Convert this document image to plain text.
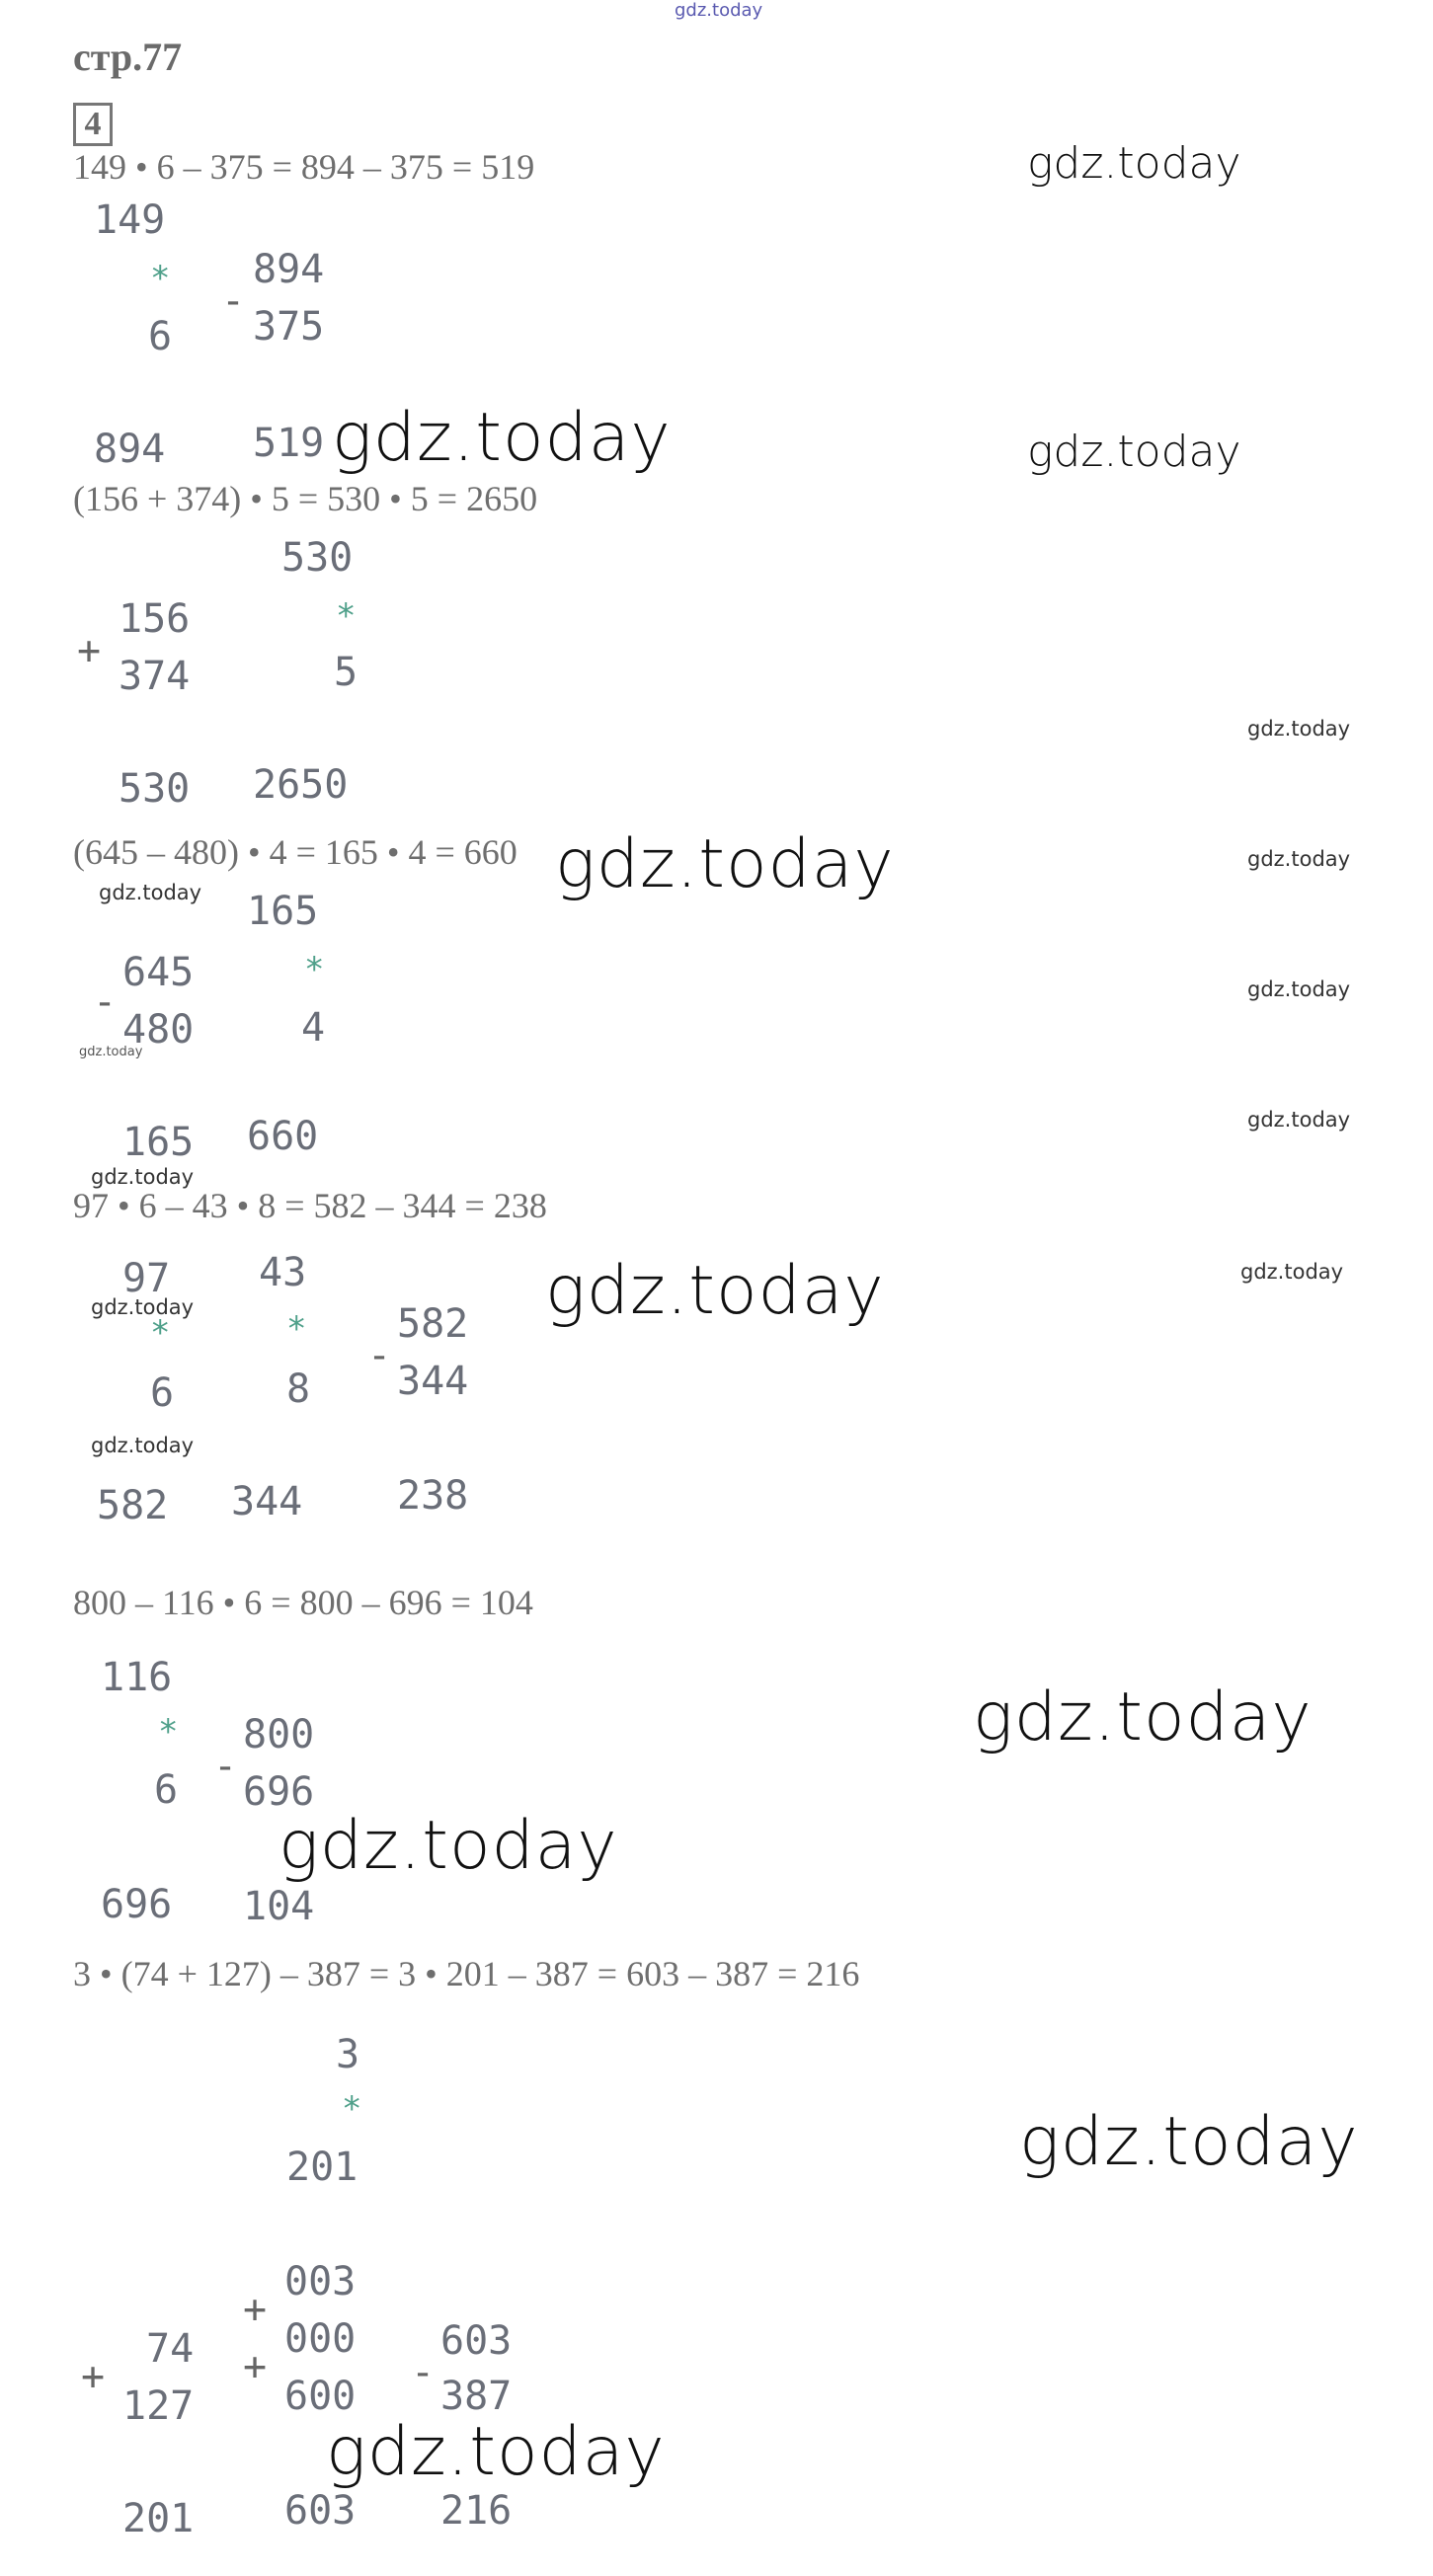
gdz.today
стр.77
4
149 • 6 – 375 = 894 – 375 = 519
149
*
6
894
-
894
375
519
(156 + 374) • 5 = 530 • 5 = 2650
+
156
374
530
530
*
5
2650
(645 – 480) • 4 = 165 • 4 = 660
-
645
480
165
165
*
4
660
97 • 6 – 43 • 8 = 582 – 344 = 238
97
*
6
582
43
*
8
344
-
582
344
238
800 – 116 • 6 = 800 – 696 = 104
116
*
6
696
-
800
696
104
3 • (74 + 127) – 387 = 3 • 201 – 387 = 603 – 387 = 216
3
*
201
+
+
003
000
600
603
+
74
127
201
-
603
387
216
gdz.today
gdz.today	gdz.today
gdz.today
gdz.today
gdz.today
gdz.today
gdz.today
gdz.today
gdz.today
gdz.today
gdz.today
gdz.today
gdz.today
gdz.today
gdz.today
gdz.today
gdz.today
gdz.today
